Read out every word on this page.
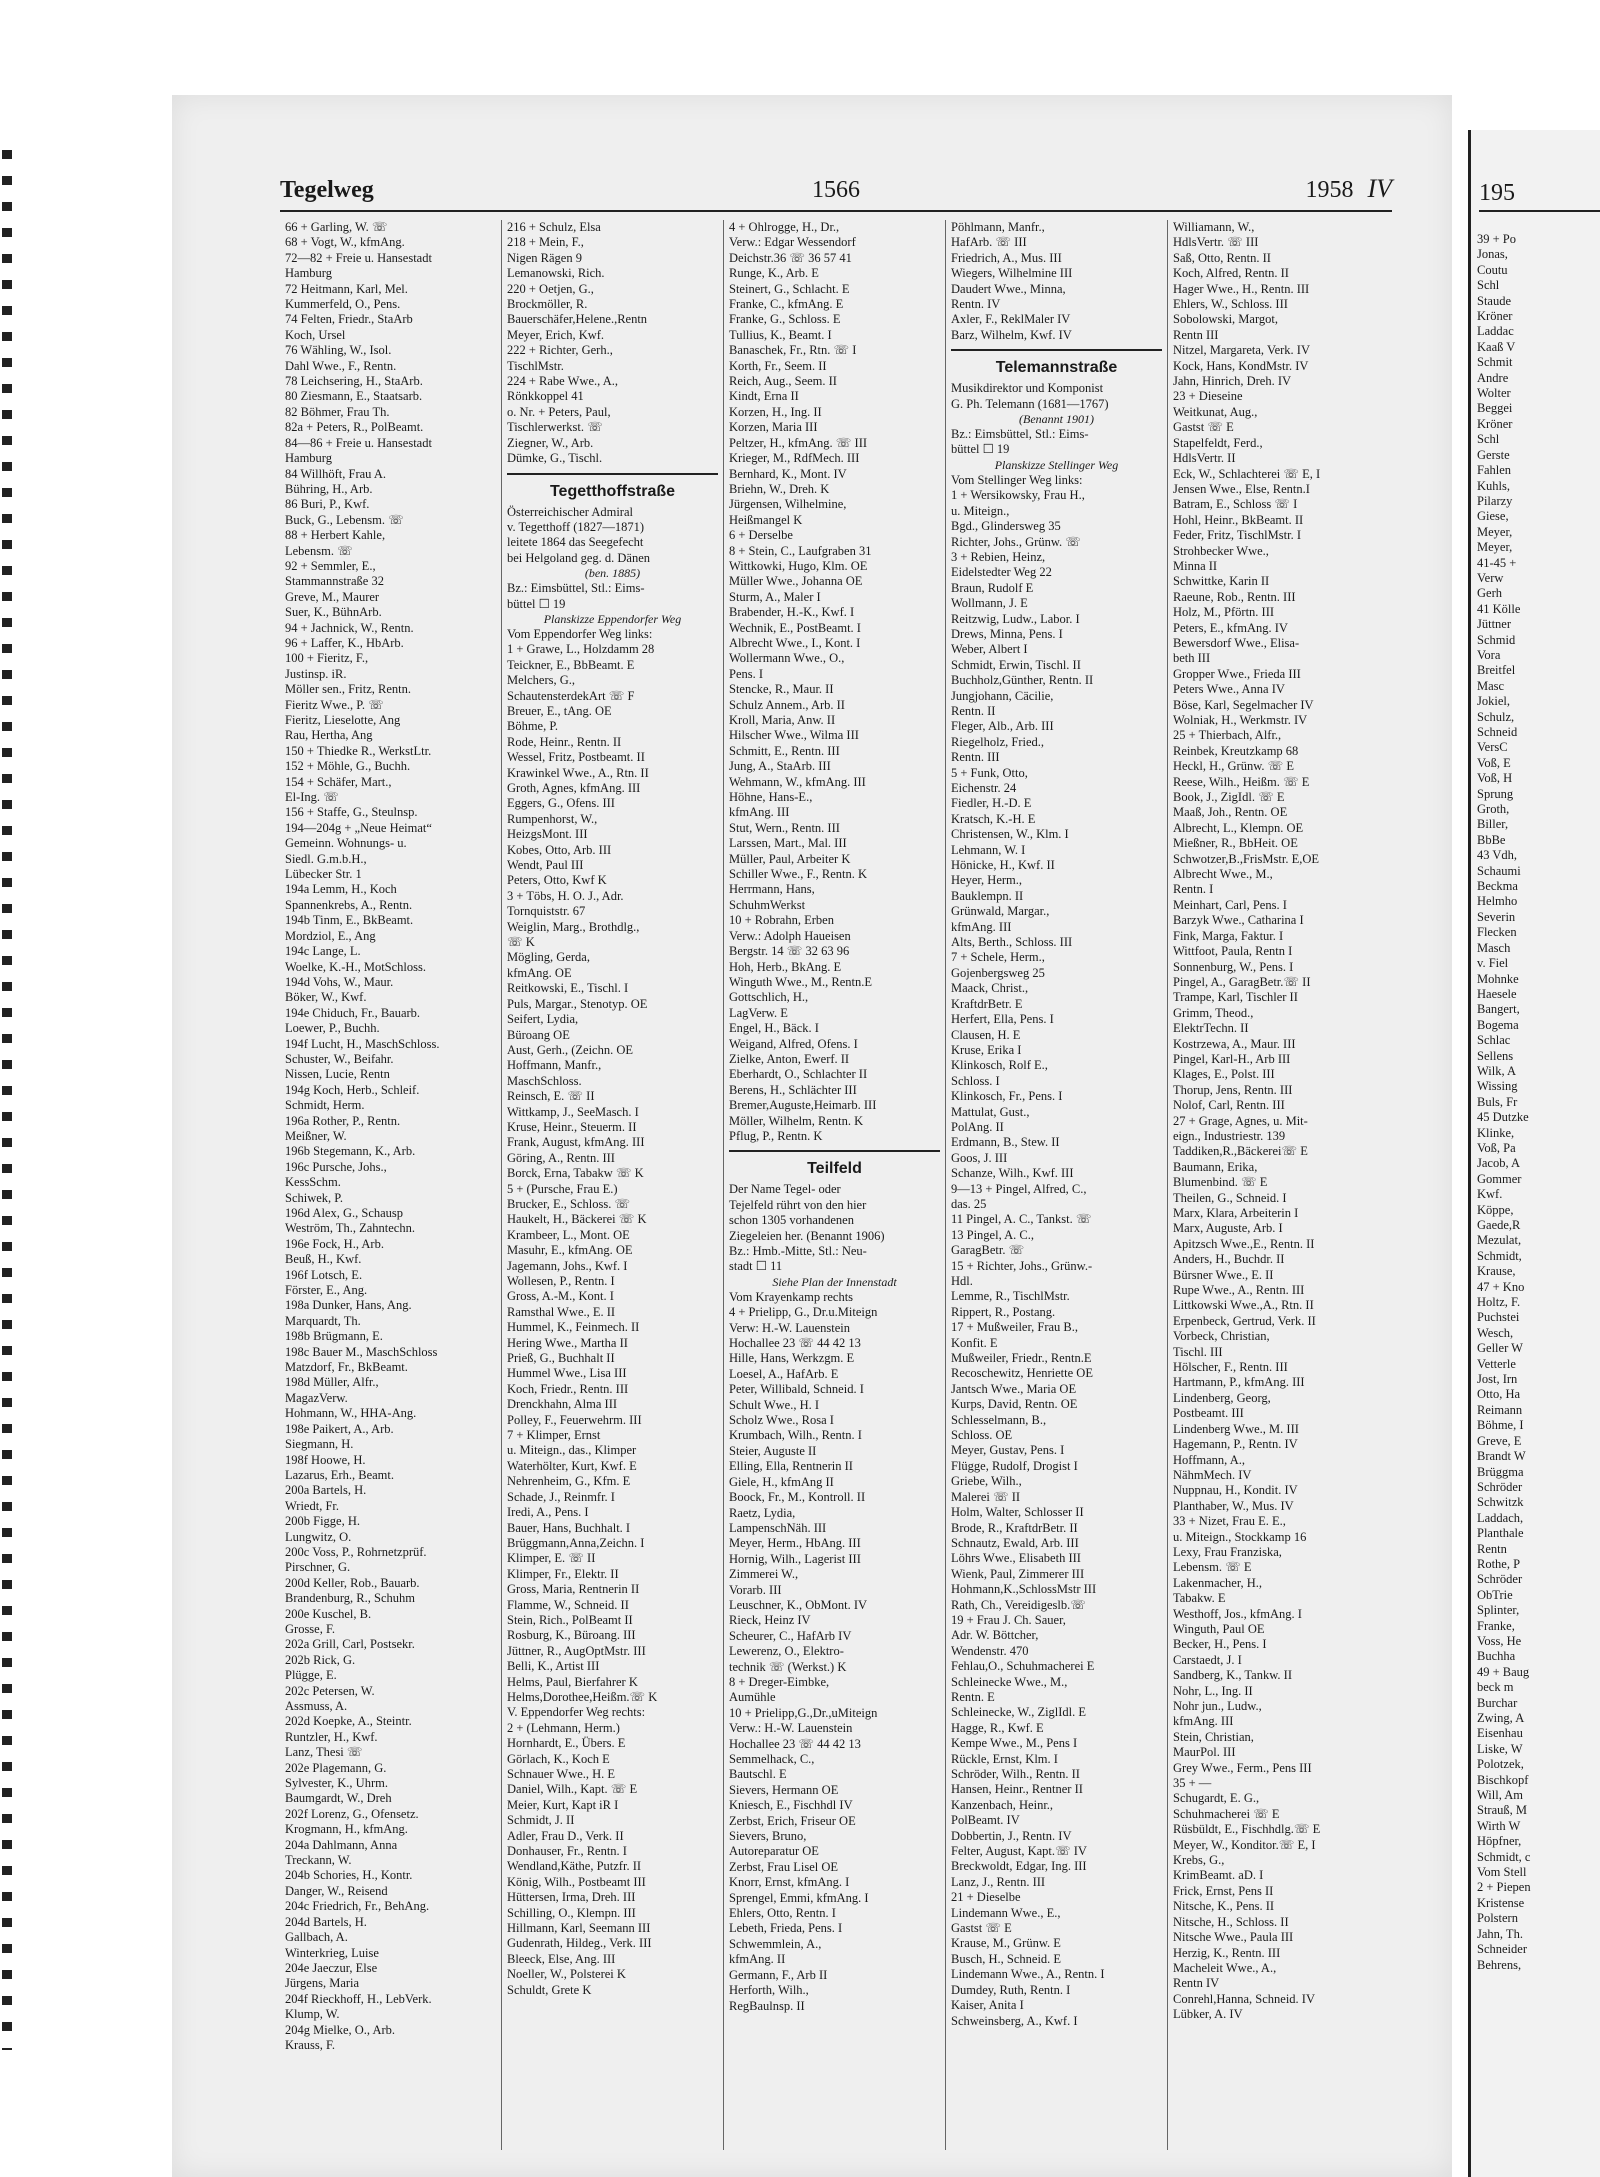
Tegelweg	1566	1958 IV
66 + Garling, W. ☏
68 + Vogt, W., kfmAng.
72—82 + Freie u. Hansestadt
Hamburg
72 Heitmann, Karl, Mel.
Kummerfeld, O., Pens.
74 Felten, Friedr., StaArb
Koch, Ursel
76 Wähling, W., Isol.
Dahl Wwe., F., Rentn.
78 Leichsering, H., StaArb.
80 Ziesmann, E., Staatsarb.
82 Böhmer, Frau Th.
82a + Peters, R., PolBeamt.
84—86 + Freie u. Hansestadt
Hamburg
84 Willhöft, Frau A.
Bühring, H., Arb.
86 Buri, P., Kwf.
Buck, G., Lebensm. ☏
88 + Herbert Kahle,
Lebensm. ☏
92 + Semmler, E.,
Stammannstraße 32
Greve, M., Maurer
Suer, K., BühnArb.
94 + Jachnick, W., Rentn.
96 + Laffer, K., HbArb.
100 + Fieritz, F.,
Justinsp. iR.
Möller sen., Fritz, Rentn.
Fieritz Wwe., P. ☏
Fieritz, Lieselotte, Ang
Rau, Hertha, Ang
150 + Thiedke R., WerkstLtr.
152 + Möhle, G., Buchh.
154 + Schäfer, Mart.,
El-Ing. ☏
156 + Staffe, G., Steulnsp.
194—204g + „Neue Heimat“
Gemeinn. Wohnungs- u.
Siedl. G.m.b.H.,
Lübecker Str. 1
194a Lemm, H., Koch
Spannenkrebs, A., Rentn.
194b Tinm, E., BkBeamt.
Mordziol, E., Ang
194c Lange, L.
Woelke, K.-H., MotSchloss.
194d Vohs, W., Maur.
Böker, W., Kwf.
194e Chiduch, Fr., Bauarb.
Loewer, P., Buchh.
194f Lucht, H., MaschSchloss.
Schuster, W., Beifahr.
Nissen, Lucie, Rentn
194g Koch, Herb., Schleif.
Schmidt, Herm.
196a Rother, P., Rentn.
Meißner, W.
196b Stegemann, K., Arb.
196c Pursche, Johs.,
KessSchm.
Schiwek, P.
196d Alex, G., Schausp
Weström, Th., Zahntechn.
196e Fock, H., Arb.
Beuß, H., Kwf.
196f Lotsch, E.
Förster, E., Ang.
198a Dunker, Hans, Ang.
Marquardt, Th.
198b Brügmann, E.
198c Bauer M., MaschSchloss
Matzdorf, Fr., BkBeamt.
198d Müller, Alfr.,
MagazVerw.
Hohmann, W., HHA-Ang.
198e Paikert, A., Arb.
Siegmann, H.
198f Hoowe, H.
Lazarus, Erh., Beamt.
200a Bartels, H.
Wriedt, Fr.
200b Figge, H.
Lungwitz, O.
200c Voss, P., Rohrnetzprüf.
Pirschner, G.
200d Keller, Rob., Bauarb.
Brandenburg, R., Schuhm
200e Kuschel, B.
Grosse, F.
202a Grill, Carl, Postsekr.
202b Rick, G.
Plügge, E.
202c Petersen, W.
Assmuss, A.
202d Koepke, A., Steintr.
Runtzler, H., Kwf.
Lanz, Thesi ☏
202e Plagemann, G.
Sylvester, K., Uhrm.
Baumgardt, W., Dreh
202f Lorenz, G., Ofensetz.
Krogmann, H., kfmAng.
204a Dahlmann, Anna
Treckann, W.
204b Schories, H., Kontr.
Danger, W., Reisend
204c Friedrich, Fr., BehAng.
204d Bartels, H.
Gallbach, A.
Winterkrieg, Luise
204e Jaeczur, Else
Jürgens, Maria
204f Rieckhoff, H., LebVerk.
Klump, W.
204g Mielke, O., Arb.
Krauss, F.
216 + Schulz, Elsa
218 + Mein, F.,
Nigen Rägen 9
Lemanowski, Rich.
220 + Oetjen, G.,
Brockmöller, R.
Bauerschäfer,Helene.,Rentn
Meyer, Erich, Kwf.
222 + Richter, Gerh.,
TischlMstr.
224 + Rabe Wwe., A.,
Rönkkoppel 41
o. Nr. + Peters, Paul,
Tischlerwerkst. ☏
Ziegner, W., Arb.
Dümke, G., Tischl.
Tegetthoffstraße
Österreichischer Admiral
v. Tegetthoff (1827—1871)
leitete 1864 das Seegefecht
bei Helgoland geg. d. Dänen
(ben. 1885)
Bz.: Eimsbüttel, Stl.: Eims-
büttel ☐ 19
Planskizze Eppendorfer Weg
Vom Eppendorfer Weg links:
1 + Grawe, L., Holzdamm 28
Teickner, E., BbBeamt. E
Melchers, G.,
SchautensterdekArt ☏ F
Breuer, E., tAng. OE
Böhme, P.
Rode, Heinr., Rentn. II
Wessel, Fritz, Postbeamt. II
Krawinkel Wwe., A., Rtn. II
Groth, Agnes, kfmAng. III
Eggers, G., Ofens. III
Rumpenhorst, W.,
HeizgsMont. III
Kobes, Otto, Arb. III
Wendt, Paul III
Peters, Otto, Kwf K
3 + Töbs, H. O. J., Adr.
Tornquiststr. 67
Weiglin, Marg., Brothdlg.,
☏ K
Mögling, Gerda,
kfmAng. OE
Reitkowski, E., Tischl. I
Puls, Margar., Stenotyp. OE
Seifert, Lydia,
Büroang OE
Aust, Gerh., (Zeichn. OE
Hoffmann, Manfr.,
MaschSchloss.
Reinsch, E. ☏ II
Wittkamp, J., SeeMasch. I
Kruse, Heinr., Steuerm. II
Frank, August, kfmAng. III
Göring, A., Rentn. III
Borck, Erna, Tabakw ☏ K
5 + (Pursche, Frau E.)
Brucker, E., Schloss. ☏
Haukelt, H., Bäckerei ☏ K
Krambeer, L., Mont. OE
Masuhr, E., kfmAng. OE
Jagemann, Johs., Kwf. I
Wollesen, P., Rentn. I
Gross, A.-M., Kont. I
Ramsthal Wwe., E. II
Hummel, K., Feinmech. II
Hering Wwe., Martha II
Prieß, G., Buchhalt II
Hummel Wwe., Lisa III
Koch, Friedr., Rentn. III
Drenckhahn, Alma III
Polley, F., Feuerwehrm. III
7 + Klimper, Ernst
u. Miteign., das., Klimper
Waterhölter, Kurt, Kwf. E
Nehrenheim, G., Kfm. E
Schade, J., Reinmfr. I
Iredi, A., Pens. I
Bauer, Hans, Buchhalt. I
Brüggmann,Anna,Zeichn. I
Klimper, E. ☏ II
Klimper, Fr., Elektr. II
Gross, Maria, Rentnerin II
Flamme, W., Schneid. II
Stein, Rich., PolBeamt II
Rosburg, K., Büroang. III
Jüttner, R., AugOptMstr. III
Belli, K., Artist III
Helms, Paul, Bierfahrer K
Helms,Dorothee,Heißm.☏ K
V. Eppendorfer Weg rechts:
2 + (Lehmann, Herm.)
Hornhardt, E., Übers. E
Görlach, K., Koch E
Schnauer Wwe., H. E
Daniel, Wilh., Kapt. ☏ E
Meier, Kurt, Kapt iR I
Schmidt, J. II
Adler, Frau D., Verk. II
Donhauser, Fr., Rentn. I
Wendland,Käthe, Putzfr. II
König, Wilh., Postbeamt III
Hüttersen, Irma, Dreh. III
Schilling, O., Klempn. III
Hillmann, Karl, Seemann III
Gudenrath, Hildeg., Verk. III
Bleeck, Else, Ang. III
Noeller, W., Polsterei K
Schuldt, Grete K
4 + Ohlrogge, H., Dr.,
Verw.: Edgar Wessendorf
Deichstr.36 ☏ 36 57 41
Runge, K., Arb. E
Steinert, G., Schlacht. E
Franke, C., kfmAng. E
Franke, G., Schloss. E
Tullius, K., Beamt. I
Banaschek, Fr., Rtn. ☏ I
Korth, Fr., Seem. II
Reich, Aug., Seem. II
Kindt, Erna II
Korzen, H., Ing. II
Korzen, Maria III
Peltzer, H., kfmAng. ☏ III
Krieger, M., RdfMech. III
Bernhard, K., Mont. IV
Briehn, W., Dreh. K
Jürgensen, Wilhelmine,
Heißmangel K
6 + Derselbe
8 + Stein, C., Laufgraben 31
Wittkowki, Hugo, Klm. OE
Müller Wwe., Johanna OE
Sturm, A., Maler I
Brabender, H.-K., Kwf. I
Wechnik, E., PostBeamt. I
Albrecht Wwe., I., Kont. I
Wollermann Wwe., O.,
Pens. I
Stencke, R., Maur. II
Schulz Annem., Arb. II
Kroll, Maria, Anw. II
Hilscher Wwe., Wilma III
Schmitt, E., Rentn. III
Jung, A., StaArb. III
Wehmann, W., kfmAng. III
Höhne, Hans-E.,
kfmAng. III
Stut, Wern., Rentn. III
Larssen, Mart., Mal. III
Müller, Paul, Arbeiter K
Schiller Wwe., F., Rentn. K
Herrmann, Hans,
SchuhmWerkst
10 + Robrahn, Erben
Verw.: Adolph Haueisen
Bergstr. 14 ☏ 32 63 96
Hoh, Herb., BkAng. E
Winguth Wwe., M., Rentn.E
Gottschlich, H.,
LagVerw. E
Engel, H., Bäck. I
Weigand, Alfred, Ofens. I
Zielke, Anton, Ewerf. II
Eberhardt, O., Schlachter II
Berens, H., Schlächter III
Bremer,Auguste,Heimarb. III
Möller, Wilhelm, Rentn. K
Pflug, P., Rentn. K
Teilfeld
Der Name Tegel- oder
Tejelfeld rührt von den hier
schon 1305 vorhandenen
Ziegeleien her. (Benannt 1906)
Bz.: Hmb.-Mitte, Stl.: Neu-
stadt ☐ 11
Siehe Plan der Innenstadt
Vom Krayenkamp rechts
4 + Prielipp, G., Dr.u.Miteign
Verw: H.-W. Lauenstein
Hochallee 23 ☏ 44 42 13
Hille, Hans, Werkzgm. E
Loesel, A., HafArb. E
Peter, Willibald, Schneid. I
Schult Wwe., H. I
Scholz Wwe., Rosa I
Krumbach, Wilh., Rentn. I
Steier, Auguste II
Elling, Ella, Rentnerin II
Giele, H., kfmAng II
Boock, Fr., M., Kontroll. II
Raetz, Lydia,
LampenschNäh. III
Meyer, Herm., HbAng. III
Hornig, Wilh., Lagerist III
Zimmerei W.,
Vorarb. III
Leuschner, K., ObMont. IV
Rieck, Heinz IV
Scheurer, C., HafArb IV
Lewerenz, O., Elektro-
technik ☏ (Werkst.) K
8 + Dreger-Eimbke,
Aumühle
10 + Prielipp,G.,Dr.,uMiteign
Verw.: H.-W. Lauenstein
Hochallee 23 ☏ 44 42 13
Semmelhack, C.,
Bautschl. E
Sievers, Hermann OE
Kniesch, E., Fischhdl IV
Zerbst, Erich, Friseur OE
Sievers, Bruno,
Autoreparatur OE
Zerbst, Frau Lisel OE
Knorr, Ernst, kfmAng. I
Sprengel, Emmi, kfmAng. I
Ehlers, Otto, Rentn. I
Lebeth, Frieda, Pens. I
Schwemmlein, A.,
kfmAng. II
Germann, F., Arb II
Herforth, Wilh.,
RegBaulnsp. II
Pöhlmann, Manfr.,
HafArb. ☏ III
Friedrich, A., Mus. III
Wiegers, Wilhelmine III
Daudert Wwe., Minna,
Rentn. IV
Axler, F., ReklMaler IV
Barz, Wilhelm, Kwf. IV
Telemannstraße
Musikdirektor und Komponist
G. Ph. Telemann (1681—1767)
(Benannt 1901)
Bz.: Eimsbüttel, Stl.: Eims-
büttel ☐ 19
Planskizze Stellinger Weg
Vom Stellinger Weg links:
1 + Wersikowsky, Frau H.,
u. Miteign.,
Bgd., Glindersweg 35
Richter, Johs., Grünw. ☏
3 + Rebien, Heinz,
Eidelstedter Weg 22
Braun, Rudolf E
Wollmann, J. E
Reitzwig, Ludw., Labor. I
Drews, Minna, Pens. I
Weber, Albert I
Schmidt, Erwin, Tischl. II
Buchholz,Günther, Rentn. II
Jungjohann, Cäcilie,
Rentn. II
Fleger, Alb., Arb. III
Riegelholz, Fried.,
Rentn. III
5 + Funk, Otto,
Eichenstr. 24
Fiedler, H.-D. E
Kratsch, K.-H. E
Christensen, W., Klm. I
Lehmann, W. I
Hönicke, H., Kwf. II
Heyer, Herm.,
Bauklempn. II
Grünwald, Margar.,
kfmAng. III
Alts, Berth., Schloss. III
7 + Schele, Herm.,
Gojenbergsweg 25
Maack, Christ.,
KraftdrBetr. E
Herfert, Ella, Pens. I
Clausen, H. E
Kruse, Erika I
Klinkosch, Rolf E.,
Schloss. I
Klinkosch, Fr., Pens. I
Mattulat, Gust.,
PolAng. II
Erdmann, B., Stew. II
Goos, J. III
Schanze, Wilh., Kwf. III
9—13 + Pingel, Alfred, C.,
das. 25
11 Pingel, A. C., Tankst. ☏
13 Pingel, A. C.,
GaragBetr. ☏
15 + Richter, Johs., Grünw.-
Hdl.
Lemme, R., TischlMstr.
Rippert, R., Postang.
17 + Mußweiler, Frau B.,
Konfit. E
Mußweiler, Friedr., Rentn.E
Recoschewitz, Henriette OE
Jantsch Wwe., Maria OE
Kurps, David, Rentn. OE
Schlesselmann, B.,
Schloss. OE
Meyer, Gustav, Pens. I
Flügge, Rudolf, Drogist I
Griebe, Wilh.,
Malerei ☏ II
Holm, Walter, Schlosser II
Brode, R., KraftdrBetr. II
Schnautz, Ewald, Arb. III
Löhrs Wwe., Elisabeth III
Wienk, Paul, Zimmerer III
Hohmann,K.,SchlossMstr III
Rath, Ch., Vereidigeslb.☏
19 + Frau J. Ch. Sauer,
Adr. W. Böttcher,
Wendenstr. 470
Fehlau,O., Schuhmacherei E
Schleinecke Wwe., M.,
Rentn. E
Schleinecke, W., ZiglIdl. E
Hagge, R., Kwf. E
Kempe Wwe., M., Pens I
Rückle, Ernst, Klm. I
Schröder, Wilh., Rentn. II
Hansen, Heinr., Rentner II
Kanzenbach, Heinr.,
PolBeamt. IV
Dobbertin, J., Rentn. IV
Felter, August, Kapt.☏ IV
Breckwoldt, Edgar, Ing. III
Lanz, J., Rentn. III
21 + Dieselbe
Lindemann Wwe., E.,
Gastst ☏ E
Krause, M., Grünw. E
Busch, H., Schneid. E
Lindemann Wwe., A., Rentn. I
Dumdey, Ruth, Rentn. I
Kaiser, Anita I
Schweinsberg, A., Kwf. I
Williamann, W.,
HdlsVertr. ☏ III
Saß, Otto, Rentn. II
Koch, Alfred, Rentn. II
Hager Wwe., H., Rentn. III
Ehlers, W., Schloss. III
Sobolowski, Margot,
Rentn III
Nitzel, Margareta, Verk. IV
Kock, Hans, KondMstr. IV
Jahn, Hinrich, Dreh. IV
23 + Dieseine
Weitkunat, Aug.,
Gastst ☏ E
Stapelfeldt, Ferd.,
HdlsVertr. II
Eck, W., Schlachterei ☏ E, I
Jensen Wwe., Else, Rentn.I
Batram, E., Schloss ☏ I
Hohl, Heinr., BkBeamt. II
Feder, Fritz, TischlMstr. I
Strohbecker Wwe.,
Minna II
Schwittke, Karin II
Raeune, Rob., Rentn. III
Holz, M., Pförtn. III
Peters, E., kfmAng. IV
Bewersdorf Wwe., Elisa-
beth III
Gropper Wwe., Frieda III
Peters Wwe., Anna IV
Böse, Karl, Segelmacher IV
Wolniak, H., Werkmstr. IV
25 + Thierbach, Alfr.,
Reinbek, Kreutzkamp 68
Heckl, H., Grünw. ☏ E
Reese, Wilh., Heißm. ☏ E
Book, J., ZigIdl. ☏ E
Maaß, Joh., Rentn. OE
Albrecht, L., Klempn. OE
Mießner, R., BbHeit. OE
Schwotzer,B.,FrisMstr. E,OE
Albrecht Wwe., M.,
Rentn. I
Meinhart, Carl, Pens. I
Barzyk Wwe., Catharina I
Fink, Marga, Faktur. I
Wittfoot, Paula, Rentn I
Sonnenburg, W., Pens. I
Pingel, A., GaragBetr.☏ II
Trampe, Karl, Tischler II
Grimm, Theod.,
ElektrTechn. II
Kostrzewa, A., Maur. III
Pingel, Karl-H., Arb III
Klages, E., Polst. III
Thorup, Jens, Rentn. III
Nolof, Carl, Rentn. III
27 + Grage, Agnes, u. Mit-
eign., Industriestr. 139
Taddiken,R.,Bäckerei☏ E
Baumann, Erika,
Blumenbind. ☏ E
Theilen, G., Schneid. I
Marx, Klara, Arbeiterin I
Marx, Auguste, Arb. I
Apitzsch Wwe.,E., Rentn. II
Anders, H., Buchdr. II
Bürsner Wwe., E. II
Rupe Wwe., A., Rentn. III
Littkowski Wwe.,A., Rtn. II
Erpenbeck, Gertrud, Verk. II
Vorbeck, Christian,
Tischl. III
Hölscher, F., Rentn. III
Hartmann, P., kfmAng. III
Lindenberg, Georg,
Postbeamt. III
Lindenberg Wwe., M. III
Hagemann, P., Rentn. IV
Hoffmann, A.,
NähmMech. IV
Nuppnau, H., Kondit. IV
Planthaber, W., Mus. IV
33 + Nizet, Frau E. E.,
u. Miteign., Stockkamp 16
Lexy, Frau Franziska,
Lebensm. ☏ E
Lakenmacher, H.,
Tabakw. E
Westhoff, Jos., kfmAng. I
Winguth, Paul OE
Becker, H., Pens. I
Carstaedt, J. I
Sandberg, K., Tankw. II
Nohr, L., Ing. II
Nohr jun., Ludw.,
kfmAng. III
Stein, Christian,
MaurPol. III
Grey Wwe., Ferm., Pens III
35 + —
Schugardt, E. G.,
Schuhmacherei ☏ E
Rüsbüldt, E., Fischhdlg.☏ E
Meyer, W., Konditor.☏ E, I
Krebs, G.,
KrimBeamt. aD. I
Frick, Ernst, Pens II
Nitsche, K., Pens. II
Nitsche, H., Schloss. II
Nitsche Wwe., Paula III
Herzig, K., Rentn. III
Macheleit Wwe., A.,
Rentn IV
Conrehl,Hanna, Schneid. IV
Lübker, A. IV
195
39 + Po
Jonas,
Coutu
Schl
Staude
Kröner
Laddac
Kaaß V
Schmit
Andre
Wolter
Beggei
Kröner
Schl
Gerste
Fahlen
Kuhls,
Pilarzy
Giese,
Meyer,
Meyer,
41-45 +
Verw
Gerh
41 Kölle
Jüttner
Schmid
Vora
Breitfel
Masc
Jokiel,
Schulz,
Schneid
VersC
Voß, E
Voß, H
Sprung
Groth,
Biller,
BbBe
43 Vdh,
Schaumi
Beckma
Helmho
Severin
Flecken
Masch
v. Fiel
Mohnke
Haesele
Bangert,
Bogema
Schlac
Sellens
Wilk, A
Wissing
Buls, Fr
45 Dutzke
Klinke,
Voß, Pa
Jacob, A
Gommer
Kwf.
Köppe,
Gaede,R
Mezulat,
Schmidt,
Krause,
47 + Kno
Holtz, F.
Puchstei
Wesch,
Geller W
Vetterle
Jost, Irn
Otto, Ha
Reimann
Böhme, I
Greve, E
Brandt W
Brüggma
Schröder
Schwitzk
Laddach,
Planthale
Rentn
Rothe, P
Schröder
ObTrie
Splinter,
Franke,
Voss, He
Buchha
49 + Baug
beck m
Burchar
Zwing, A
Eisenhau
Liske, W
Polotzek,
Bischkopf
Will, Am
Strauß, M
Wirth W
Höpfner,
Schmidt, c
Vom Stell
2 + Piepen
Kristense
Polstern
Jahn, Th.
Schneider
Behrens,
